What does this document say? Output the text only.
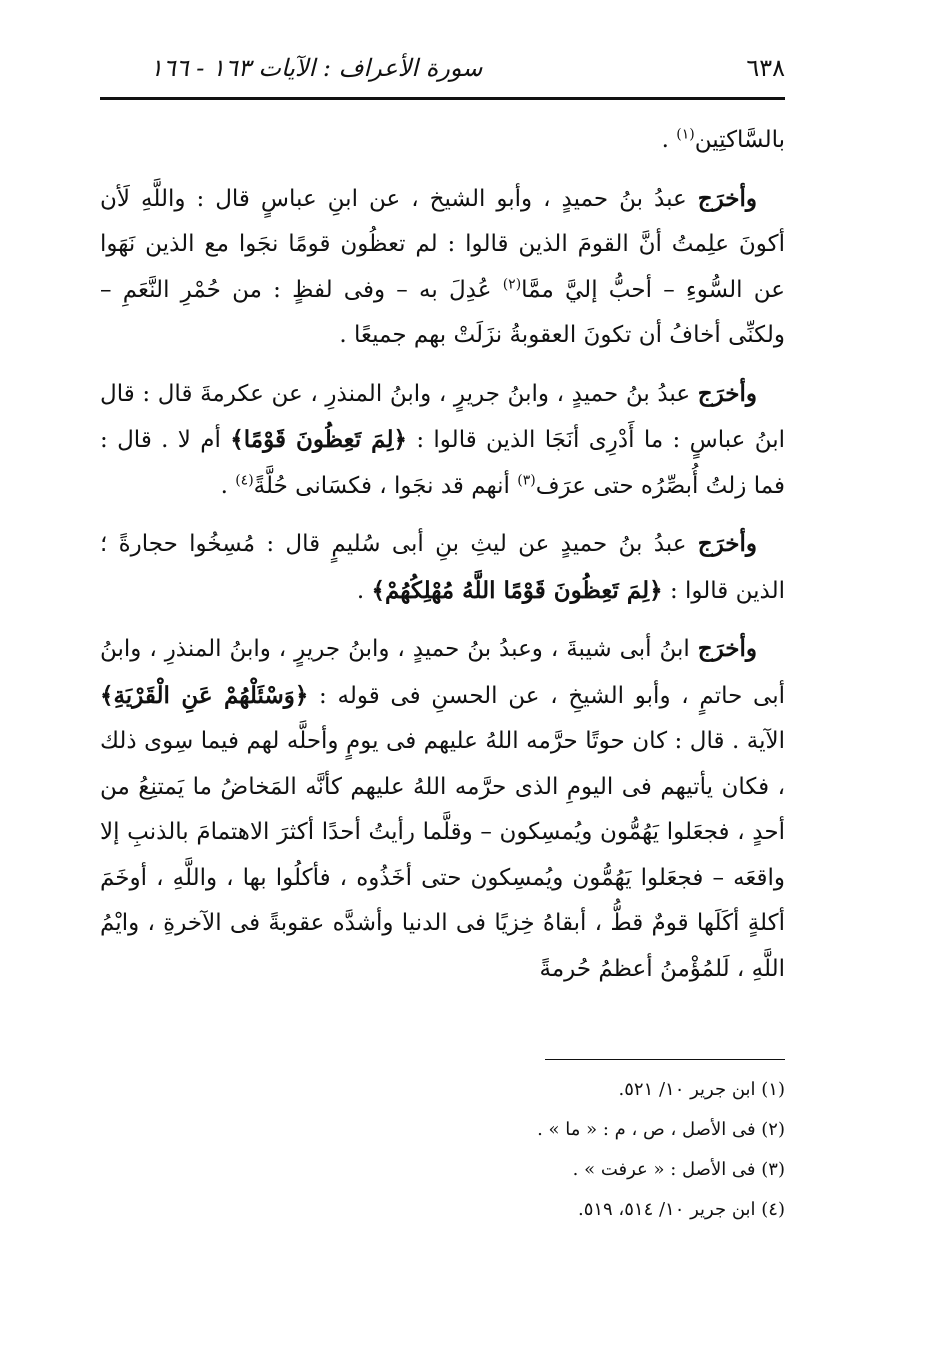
٦٣٨
سورة الأعراف : الآيات ١٦٣ - ١٦٦

بالسَّاكتِين$^{(١)}$ .

وأخرَج عبدُ بنُ حميدٍ ، وأبو الشيخ ، عن ابنِ عباسٍ قال : واللَّهِ لَأن أكونَ علِمتُ أنَّ القومَ الذين قالوا : لم تعظُون قومًا نجَوا مع الذين نَهَوا عن السُّوءِ – أحبُّ إليَّ ممَّا$^{(٢)}$ عُدِلَ به – وفى لفظٍ : من حُمْرِ النَّعَمِ – ولكنِّى أخافُ أن تكونَ العقوبةُ نزَلَتْ بهم جميعًا .

وأخرَج عبدُ بنُ حميدٍ ، وابنُ جريرٍ ، وابنُ المنذرِ ، عن عكرمةَ قال : قال ابنُ عباسٍ : ما أَدْرِى أنَجَا الذين قالوا : ﴿لِمَ تَعِظُونَ قَوْمًا﴾ أم لا . قال : فما زلتُ أُبصِّرُه حتى عرَف$^{(٣)}$ أنهم قد نجَوا ، فكسَانى حُلَّةً$^{(٤)}$ .

وأخرَج عبدُ بنُ حميدٍ عن ليثِ بنِ أبى سُليمٍ قال : مُسِخُوا حجارةً ؛ الذين قالوا : ﴿لِمَ تَعِظُونَ قَوْمًا اللَّهُ مُهْلِكُهُمْ﴾ .

وأخرَج ابنُ أبى شيبةَ ، وعبدُ بنُ حميدٍ ، وابنُ جريرٍ ، وابنُ المنذرِ ، وابنُ أبى حاتمٍ ، وأبو الشيخِ ، عن الحسنِ فى قوله : ﴿وَسْئَلْهُمْ عَنِ الْقَرْيَةِ﴾ الآية . قال : كان حوتًا حرَّمه اللهُ عليهم فى يومٍ وأحلَّه لهم فيما سِوى ذلك ، فكان يأتيهم فى اليومِ الذى حرَّمه اللهُ عليهم كأنَّه المَخاضُ ما يَمتنِعُ من أحدٍ ، فجعَلوا يَهُمُّون ويُمسِكون – وقلَّما رأيتُ أحدًا أكثرَ الاهتمامَ بالذنبِ إلا واقعَه – فجعَلوا يَهُمُّون ويُمسِكون حتى أخَذُوه ، فأكلُوا بها ، واللَّهِ ، أوخَمَ أكلةٍ أكَلَها قومٌ قطُّ ، أبقاهُ خِزيًا فى الدنيا وأشدَّه عقوبةً فى الآخرةِ ، وايْمُ اللَّهِ ، لَلمُؤْمنُ أعظمُ حُرمةً

(١) ابن جرير ١٠/ ٥٢١.

(٢) فى الأصل ، ص ، م : « ما » .

(٣) فى الأصل : « عرفت » .

(٤) ابن جرير ١٠/ ٥١٤، ٥١٩.
